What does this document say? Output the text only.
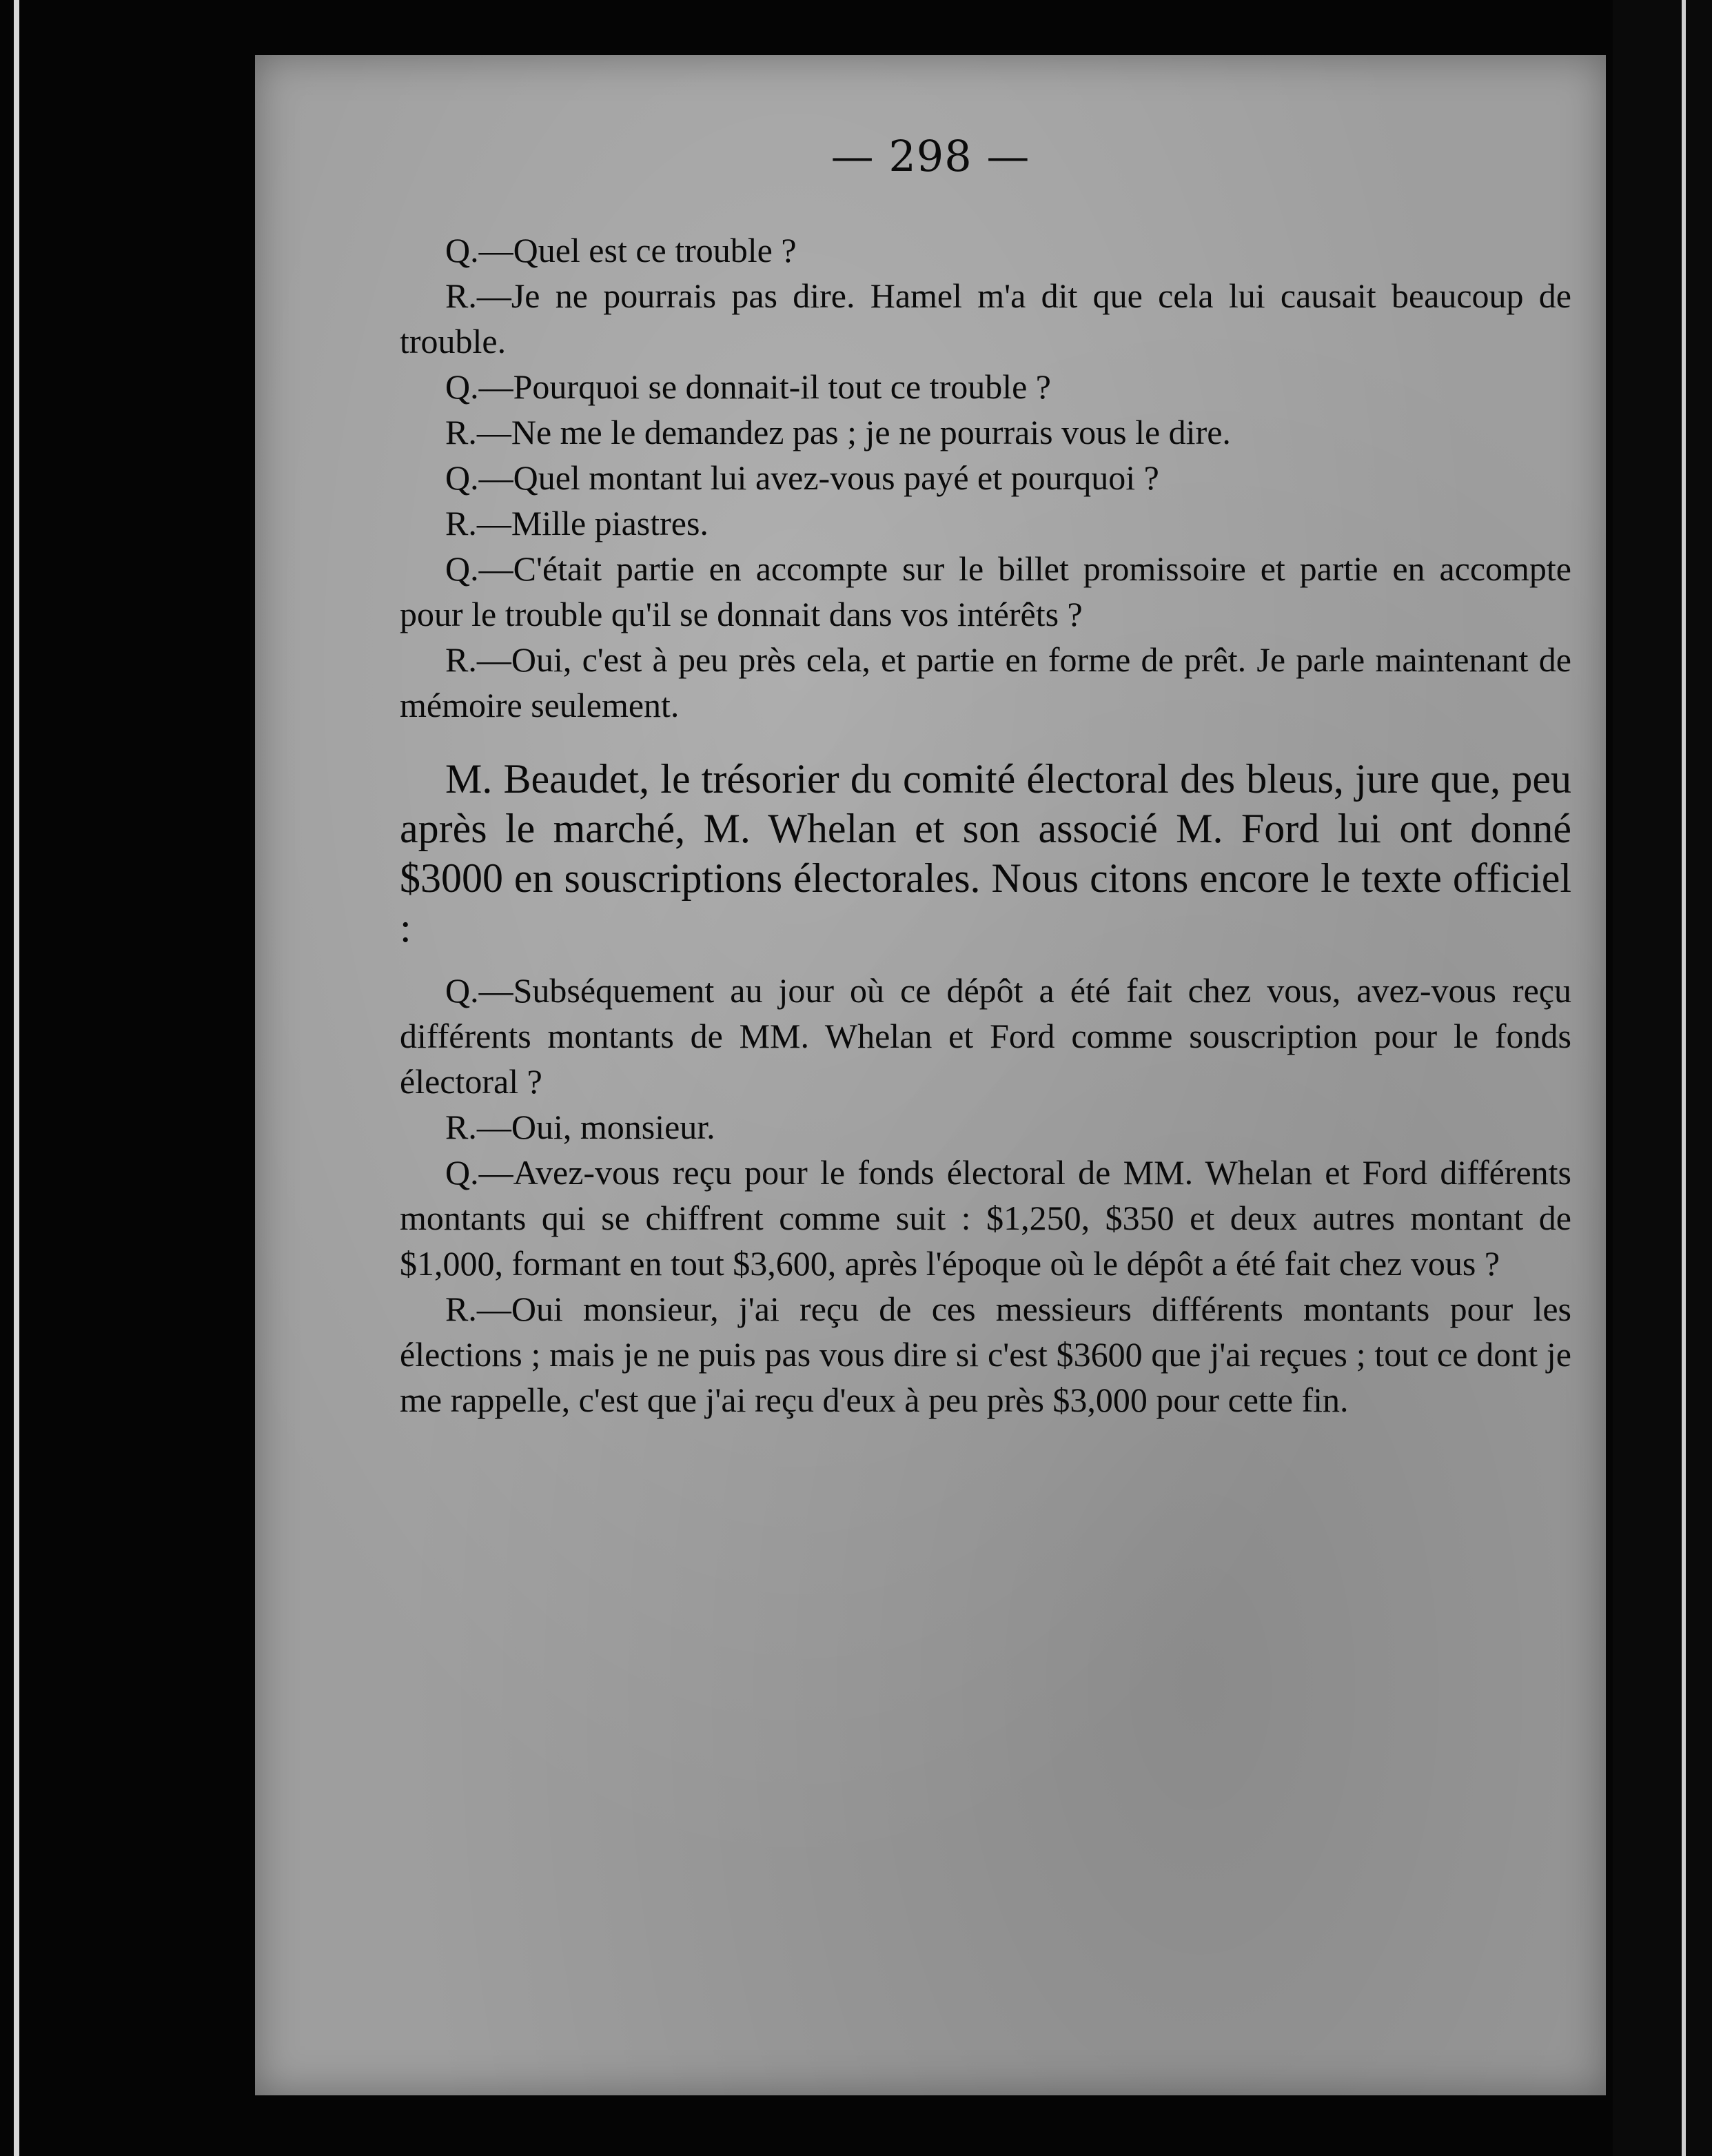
— 298 —

Q.—Quel est ce trouble ?

R.—Je ne pourrais pas dire. Hamel m'a dit que cela lui causait beaucoup de trouble.

Q.—Pourquoi se donnait-il tout ce trouble ?

R.—Ne me le demandez pas ; je ne pourrais vous le dire.

Q.—Quel montant lui avez-vous payé et pourquoi ?

R.—Mille piastres.

Q.—C'était partie en accompte sur le billet promissoire et partie en accompte pour le trouble qu'il se donnait dans vos intérêts ?

R.—Oui, c'est à peu près cela, et partie en forme de prêt. Je parle maintenant de mémoire seulement.

M. Beaudet, le trésorier du comité électoral des bleus, jure que, peu après le marché, M. Whelan et son associé M. Ford lui ont donné $3000 en souscriptions électorales. Nous citons encore le texte officiel :

Q.—Subséquement au jour où ce dépôt a été fait chez vous, avez-vous reçu différents montants de MM. Whelan et Ford comme souscription pour le fonds électoral ?

R.—Oui, monsieur.

Q.—Avez-vous reçu pour le fonds électoral de MM. Whelan et Ford différents montants qui se chiffrent comme suit : $1,250, $350 et deux autres montant de $1,000, formant en tout $3,600, après l'époque où le dépôt a été fait chez vous ?

R.—Oui monsieur, j'ai reçu de ces messieurs différents montants pour les élections ; mais je ne puis pas vous dire si c'est $3600 que j'ai reçues ; tout ce dont je me rappelle, c'est que j'ai reçu d'eux à peu près $3,000 pour cette fin.
